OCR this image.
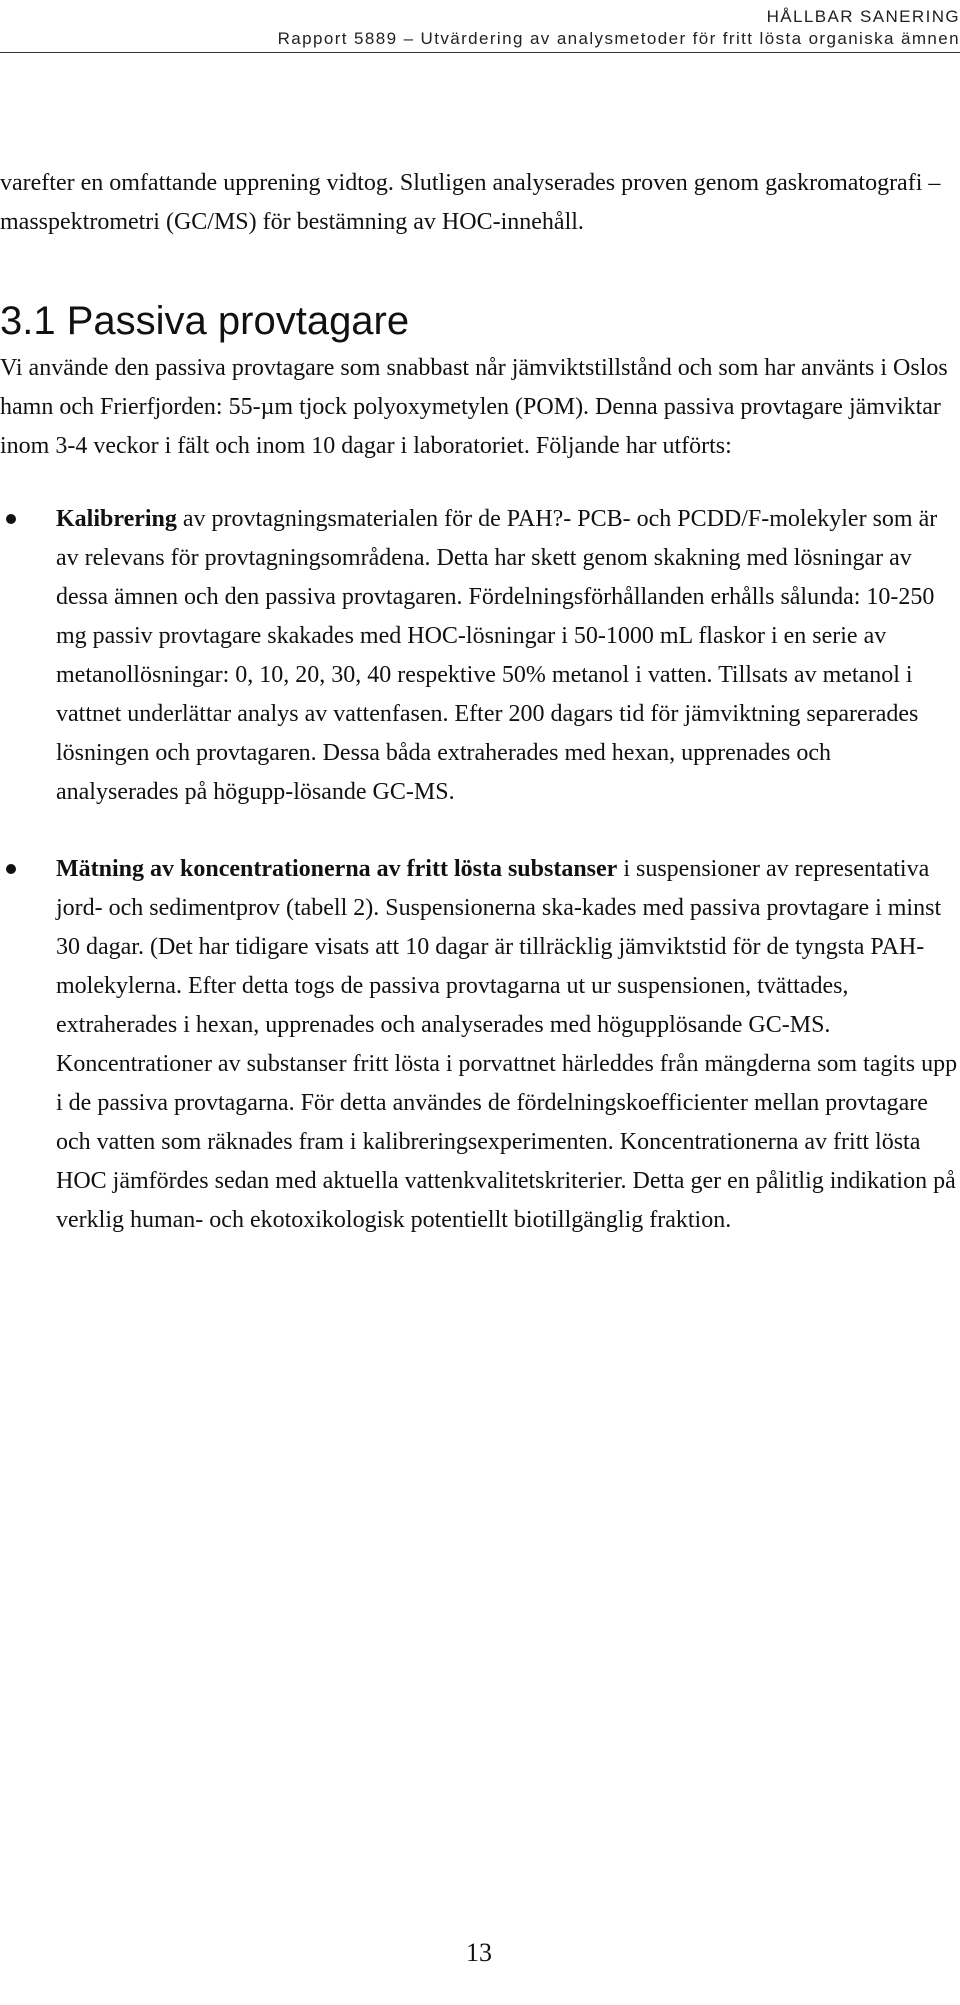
HÅLLBAR SANERING
Rapport 5889 – Utvärdering av analysmetoder för fritt lösta organiska ämnen

varefter en omfattande upprening vidtog. Slutligen analyserades proven genom gaskromatografi – masspektrometri (GC/MS) för bestämning av HOC-innehåll.

3.1 Passiva provtagare

Vi använde den passiva provtagare som snabbast når jämviktstillstånd och som har använts i Oslos hamn och Frierfjorden: 55-µm tjock polyoxymetylen (POM). Denna passiva provtagare jämviktar inom 3-4 veckor i fält och inom 10 dagar i laboratoriet. Följande har utförts:

Kalibrering av provtagningsmaterialen för de PAH?- PCB- och PCDD/F-molekyler som är av relevans för provtagningsområdena. Detta har skett genom skakning med lösningar av dessa ämnen och den passiva provtagaren. Fördelningsförhållanden erhålls sålunda: 10-250 mg passiv provtagare skakades med HOC-lösningar i 50-1000 mL flaskor i en serie av metanollösningar: 0, 10, 20, 30, 40 respektive 50% metanol i vatten. Tillsats av metanol i vattnet underlättar analys av vattenfasen. Efter 200 dagars tid för jämviktning separerades lösningen och provtagaren. Dessa båda extraherades med hexan, upprenades och analyserades på högupp-lösande GC-MS.
Mätning av koncentrationerna av fritt lösta substanser i suspensioner av representativa jord- och sedimentprov (tabell 2). Suspensionerna ska-kades med passiva provtagare i minst 30 dagar. (Det har tidigare visats att 10 dagar är tillräcklig jämviktstid för de tyngsta PAH-molekylerna. Efter detta togs de passiva provtagarna ut ur suspensionen, tvättades, extraherades i hexan, upprenades och analyserades med högupplösande GC-MS. Koncentrationer av substanser fritt lösta i porvattnet härleddes från mängderna som tagits upp i de passiva provtagarna. För detta användes de fördelningskoefficienter mellan provtagare och vatten som räknades fram i kalibreringsexperimenten. Koncentrationerna av fritt lösta HOC jämfördes sedan med aktuella vattenkvalitetskriterier. Detta ger en pålitlig indikation på verklig human- och ekotoxikologisk potentiellt biotillgänglig fraktion.
13
